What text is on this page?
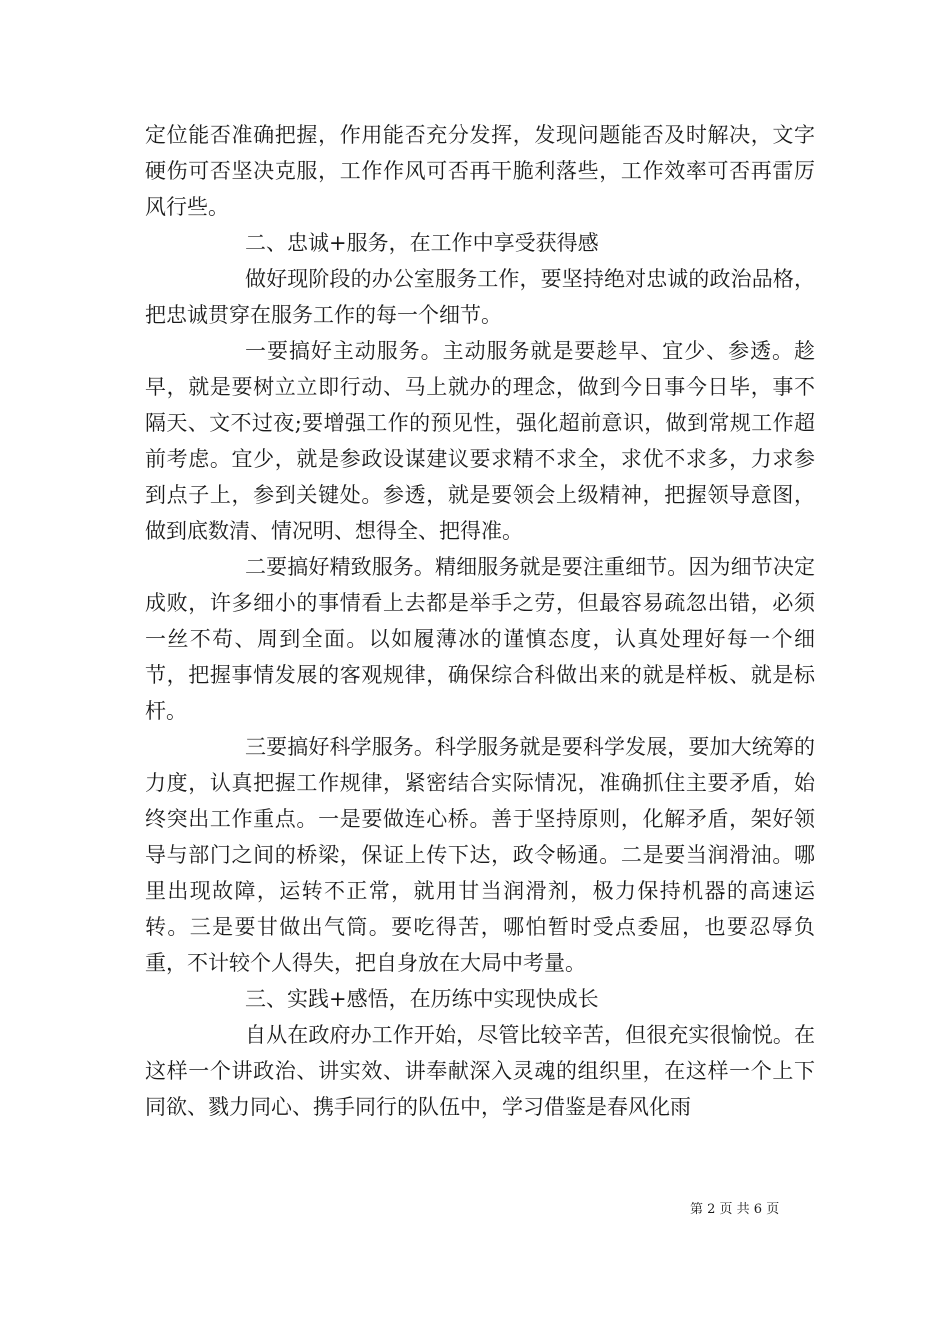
定位能否准确把握，作用能否充分发挥，发现问题能否及时解决，文字硬伤可否坚决克服，工作作风可否再干脆利落些，工作效率可否再雷厉风行些。

二、忠诚+服务，在工作中享受获得感

做好现阶段的办公室服务工作，要坚持绝对忠诚的政治品格，把忠诚贯穿在服务工作的每一个细节。

一要搞好主动服务。主动服务就是要趁早、宜少、参透。趁早，就是要树立立即行动、马上就办的理念，做到今日事今日毕，事不隔天、文不过夜;要增强工作的预见性，强化超前意识，做到常规工作超前考虑。宜少，就是参政设谋建议要求精不求全，求优不求多，力求参到点子上，参到关键处。参透，就是要领会上级精神，把握领导意图，做到底数清、情况明、想得全、把得准。

二要搞好精致服务。精细服务就是要注重细节。因为细节决定成败，许多细小的事情看上去都是举手之劳，但最容易疏忽出错，必须一丝不苟、周到全面。以如履薄冰的谨慎态度，认真处理好每一个细节，把握事情发展的客观规律，确保综合科做出来的就是样板、就是标杆。

三要搞好科学服务。科学服务就是要科学发展，要加大统筹的力度，认真把握工作规律，紧密结合实际情况，准确抓住主要矛盾，始终突出工作重点。一是要做连心桥。善于坚持原则，化解矛盾，架好领导与部门之间的桥梁，保证上传下达，政令畅通。二是要当润滑油。哪里出现故障，运转不正常，就用甘当润滑剂，极力保持机器的高速运转。三是要甘做出气筒。要吃得苦，哪怕暂时受点委屈，也要忍辱负重，不计较个人得失，把自身放在大局中考量。

三、实践+感悟，在历练中实现快成长

自从在政府办工作开始，尽管比较辛苦，但很充实很愉悦。在这样一个讲政治、讲实效、讲奉献深入灵魂的组织里，在这样一个上下同欲、戮力同心、携手同行的队伍中，学习借鉴是春风化雨

第 2 页 共 6 页
